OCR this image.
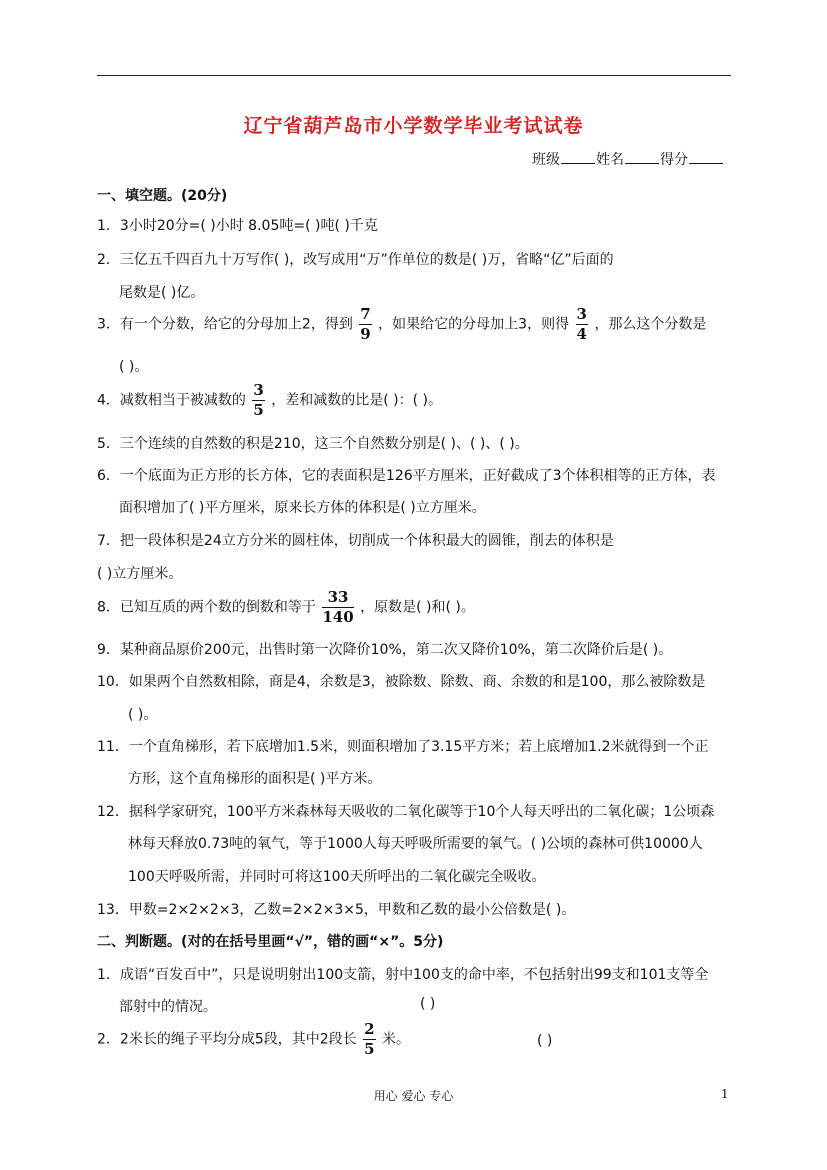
辽宁省葫芦岛市小学数学毕业考试试卷
班级	姓名	得分
一、填空题。(20分)
1．3小时20分=( )小时 8.05吨=( )吨( )千克
2．三亿五千四百九十万写作( )，改写成用“万”作单位的数是( )万，省略“亿”后面的
尾数是( )亿。
3．有一个分数，给它的分母加上2，得到 $\frac{7}{9}$ ，如果给它的分母加上3，则得 $\frac{3}{4}$ ，那么这个分数是
( )。
4．减数相当于被减数的 $\frac{3}{5}$ ，差和减数的比是( )：( )。
5．三个连续的自然数的积是210，这三个自然数分别是( )、( )、( )。
6．一个底面为正方形的长方体，它的表面积是126平方厘米，正好截成了3个体积相等的正方体，表
面积增加了( )平方厘米，原来长方体的体积是( )立方厘米。
7．把一段体积是24立方分米的圆柱体，切削成一个体积最大的圆锥，削去的体积是
( )立方厘米。
8．已知互质的两个数的倒数和等于 $\frac{33}{140}$ ，原数是( )和( )。
9．某种商品原价200元，出售时第一次降价10%，第二次又降价10%，第二次降价后是( )。
10．如果两个自然数相除，商是4，余数是3，被除数、除数、商、余数的和是100，那么被除数是
( )。
11．一个直角梯形，若下底增加1.5米，则面积增加了3.15平方米；若上底增加1.2米就得到一个正
方形，这个直角梯形的面积是( )平方米。
12．据科学家研究，100平方米森林每天吸收的二氧化碳等于10个人每天呼出的二氧化碳；1公顷森
林每天释放0.73吨的氧气，等于1000人每天呼吸所需要的氧气。( )公顷的森林可供10000人
100天呼吸所需，并同时可将这100天所呼出的二氧化碳完全吸收。
13．甲数=2×2×2×3，乙数=2×2×3×5，甲数和乙数的最小公倍数是( )。
二、判断题。(对的在括号里画“√”，错的画“×”。5分)
1．成语“百发百中”，只是说明射出100支箭，射中100支的命中率，不包括射出99支和101支等全
部射中的情况。	( )
2．2米长的绳子平均分成5段，其中2段长 $\frac{2}{5}$ 米。	( )
用心 爱心 专心	1
